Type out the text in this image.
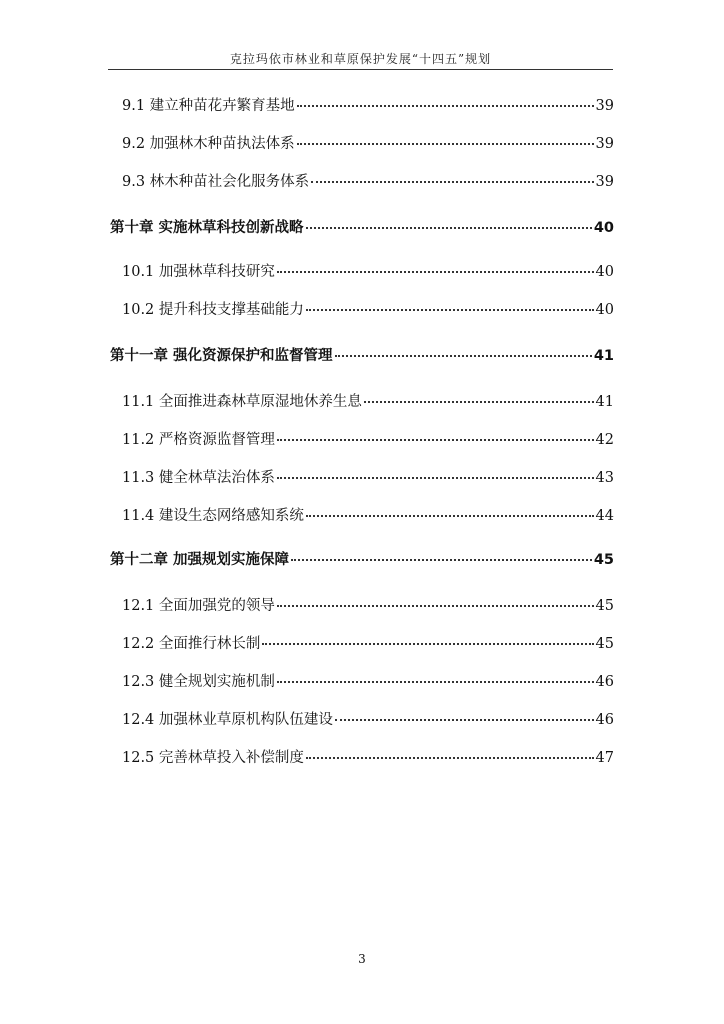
克拉玛依市林业和草原保护发展“十四五”规划
9.1 建立种苗花卉繁育基地	39
9.2 加强林木种苗执法体系	39
9.3 林木种苗社会化服务体系	39
第十章 实施林草科技创新战略	40
10.1 加强林草科技研究	40
10.2 提升科技支撑基础能力	40
第十一章 强化资源保护和监督管理	41
11.1 全面推进森林草原湿地休养生息	41
11.2 严格资源监督管理	42
11.3 健全林草法治体系	43
11.4 建设生态网络感知系统	44
第十二章 加强规划实施保障	45
12.1 全面加强党的领导	45
12.2 全面推行林长制	45
12.3 健全规划实施机制	46
12.4 加强林业草原机构队伍建设	46
12.5 完善林草投入补偿制度	47
3
